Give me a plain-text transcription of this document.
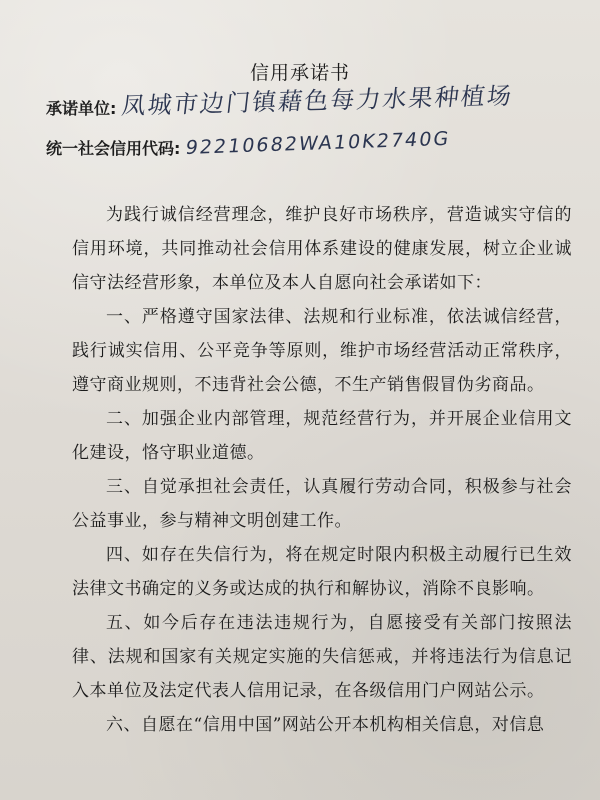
信用承诺书
承诺单位: 凤城市边门镇藉色每力水果种植场
统一社会信用代码: 92210682WA10K2740G

为践行诚信经营理念，维护良好市场秩序，营造诚实守信的信用环境，共同推动社会信用体系建设的健康发展，树立企业诚信守法经营形象，本单位及本人自愿向社会承诺如下：

一、严格遵守国家法律、法规和行业标准，依法诚信经营，践行诚实信用、公平竞争等原则，维护市场经营活动正常秩序，遵守商业规则，不违背社会公德，不生产销售假冒伪劣商品。

二、加强企业内部管理，规范经营行为，并开展企业信用文化建设，恪守职业道德。

三、自觉承担社会责任，认真履行劳动合同，积极参与社会公益事业，参与精神文明创建工作。

四、如存在失信行为，将在规定时限内积极主动履行已生效法律文书确定的义务或达成的执行和解协议，消除不良影响。

五、如今后存在违法违规行为，自愿接受有关部门按照法律、法规和国家有关规定实施的失信惩戒，并将违法行为信息记入本单位及法定代表人信用记录，在各级信用门户网站公示。

六、自愿在“信用中国”网站公开本机构相关信息，对信息
